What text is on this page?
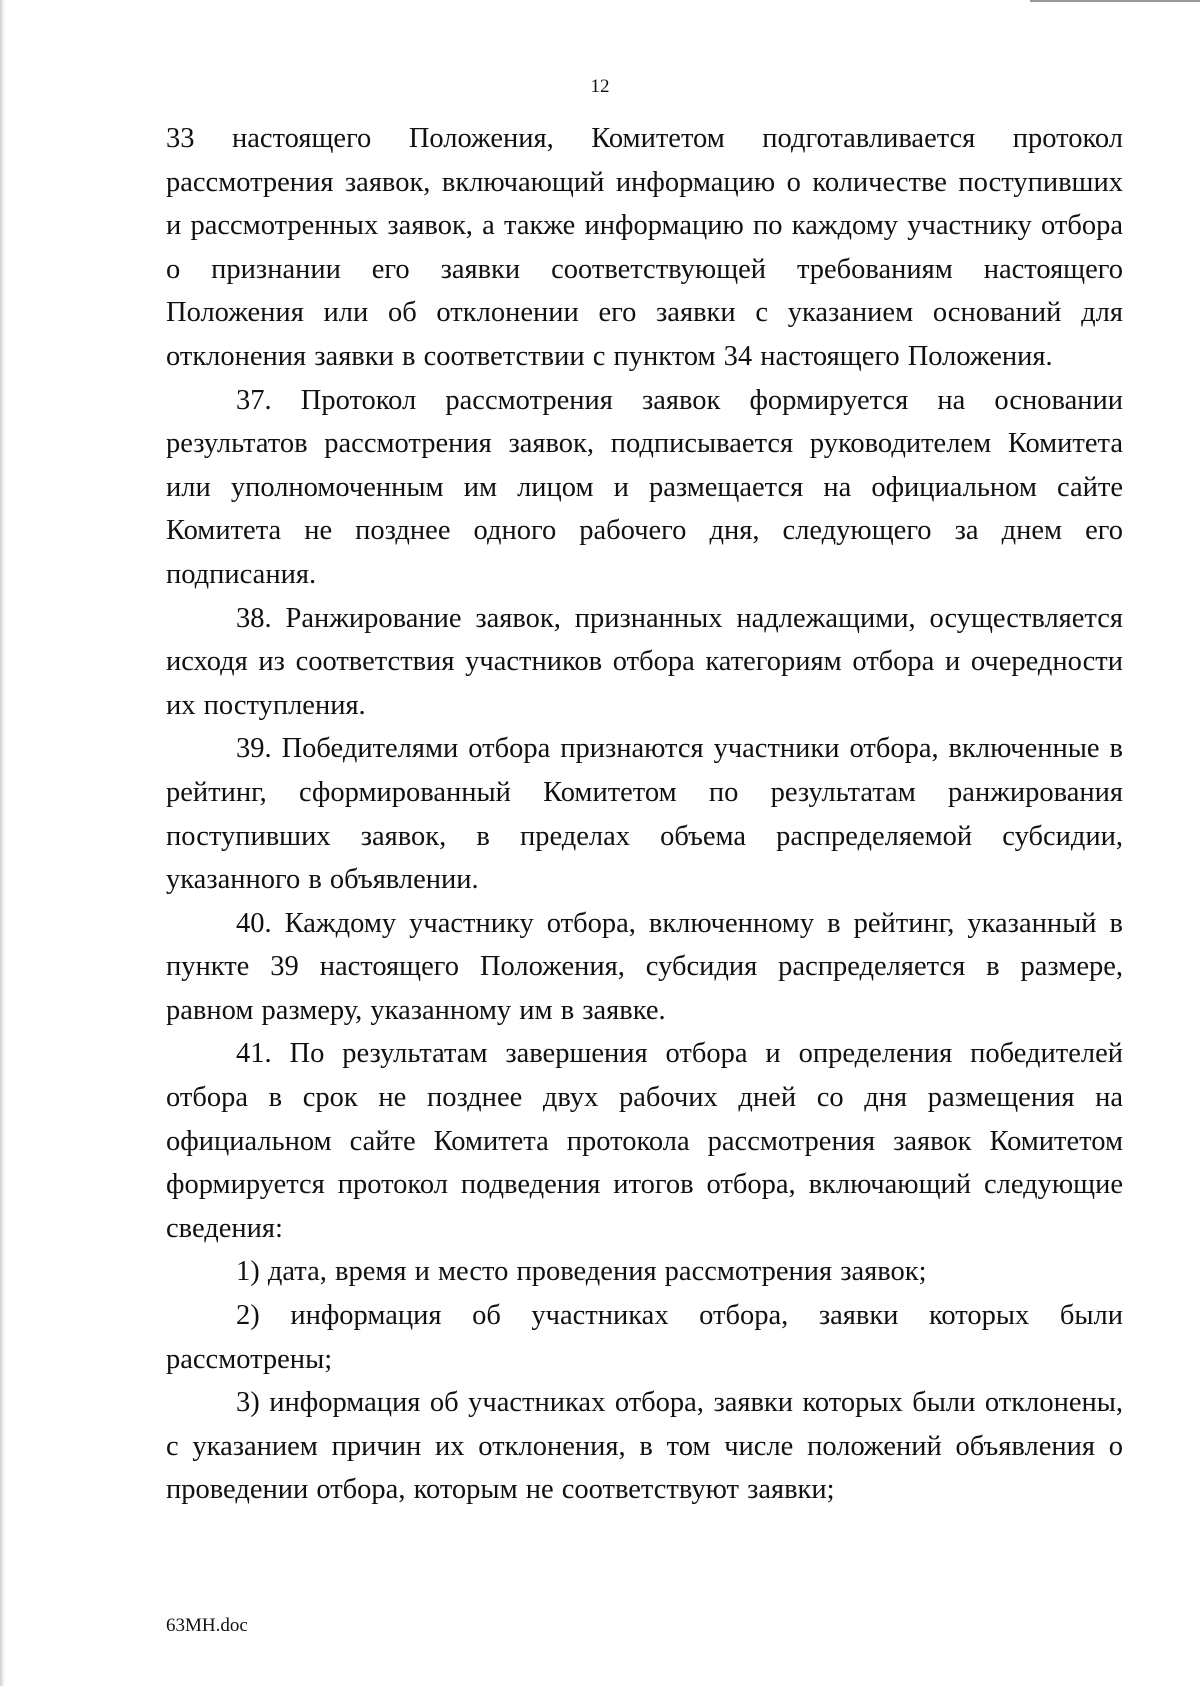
12

33 настоящего Положения, Комитетом подготавливается протокол рассмотрения заявок, включающий информацию о количестве поступивших и рассмотренных заявок, а также информацию по каждому участнику отбора о признании его заявки соответствующей требованиям настоящего Положения или об отклонении его заявки с указанием оснований для отклонения заявки в соответствии с пунктом 34 настоящего Положения.

37. Протокол рассмотрения заявок формируется на основании результатов рассмотрения заявок, подписывается руководителем Комитета или уполномоченным им лицом и размещается на официальном сайте Комитета не позднее одного рабочего дня, следующего за днем его подписания.

38. Ранжирование заявок, признанных надлежащими, осуществляется исходя из соответствия участников отбора категориям отбора и очередности их поступления.

39. Победителями отбора признаются участники отбора, включенные в рейтинг, сформированный Комитетом по результатам ранжирования поступивших заявок, в пределах объема распределяемой субсидии, указанного в объявлении.

40. Каждому участнику отбора, включенному в рейтинг, указанный в пункте 39 настоящего Положения, субсидия распределяется в размере, равном размеру, указанному им в заявке.

41. По результатам завершения отбора и определения победителей отбора в срок не позднее двух рабочих дней со дня размещения на официальном сайте Комитета протокола рассмотрения заявок Комитетом формируется протокол подведения итогов отбора, включающий следующие сведения:

1) дата, время и место проведения рассмотрения заявок;

2) информация об участниках отбора, заявки которых были рассмотрены;

3) информация об участниках отбора, заявки которых были отклонены, с указанием причин их отклонения, в том числе положений объявления о проведении отбора, которым не соответствуют заявки;

63МН.doc
